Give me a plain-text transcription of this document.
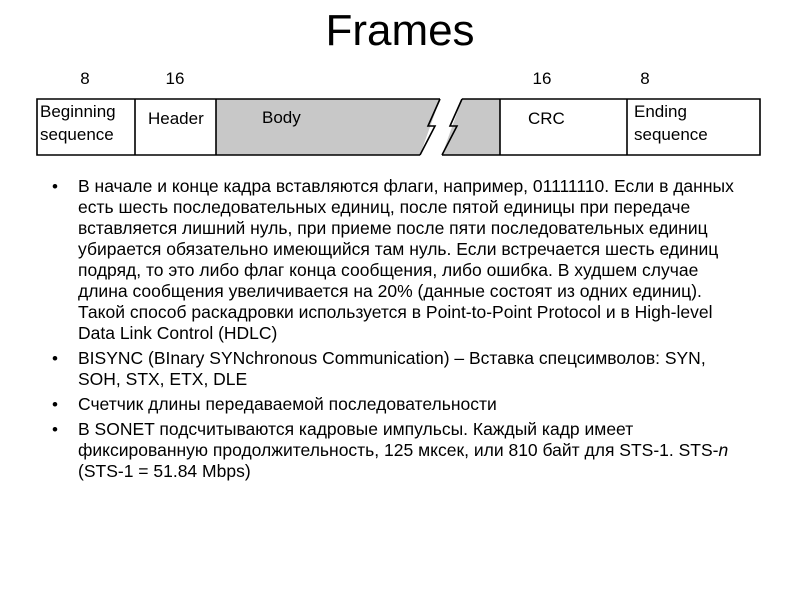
Frames
8	16	16	8
Beginning
sequence
Header	Body	CRC	Ending
sequence
• В начале и конце кадра вставляются флаги, например, 01111110. Если в данных есть шесть последовательных единиц, после пятой единицы при передаче вставляется лишний нуль, при приеме после пяти последовательных единиц убирается обязательно имеющийся там нуль. Если встречается шесть единиц подряд, то это либо флаг конца сообщения, либо ошибка. В худшем случае длина сообщения увеличивается на 20% (данные состоят из одних единиц). Такой способ раскадровки используется в Point-to-Point Protocol и в High-level Data Link Control (HDLC)
• BISYNC (BInary SYNchronous Communication) – Вставка спецсимволов: SYN, SOH, STX, ETX, DLE
• Счетчик длины передаваемой последовательности
• В SONET подсчитываются кадровые импульсы. Каждый кадр имеет фиксированную продолжительность, 125 мксек, или 810 байт для STS-1. STS-n (STS-1 = 51.84 Mbps)
